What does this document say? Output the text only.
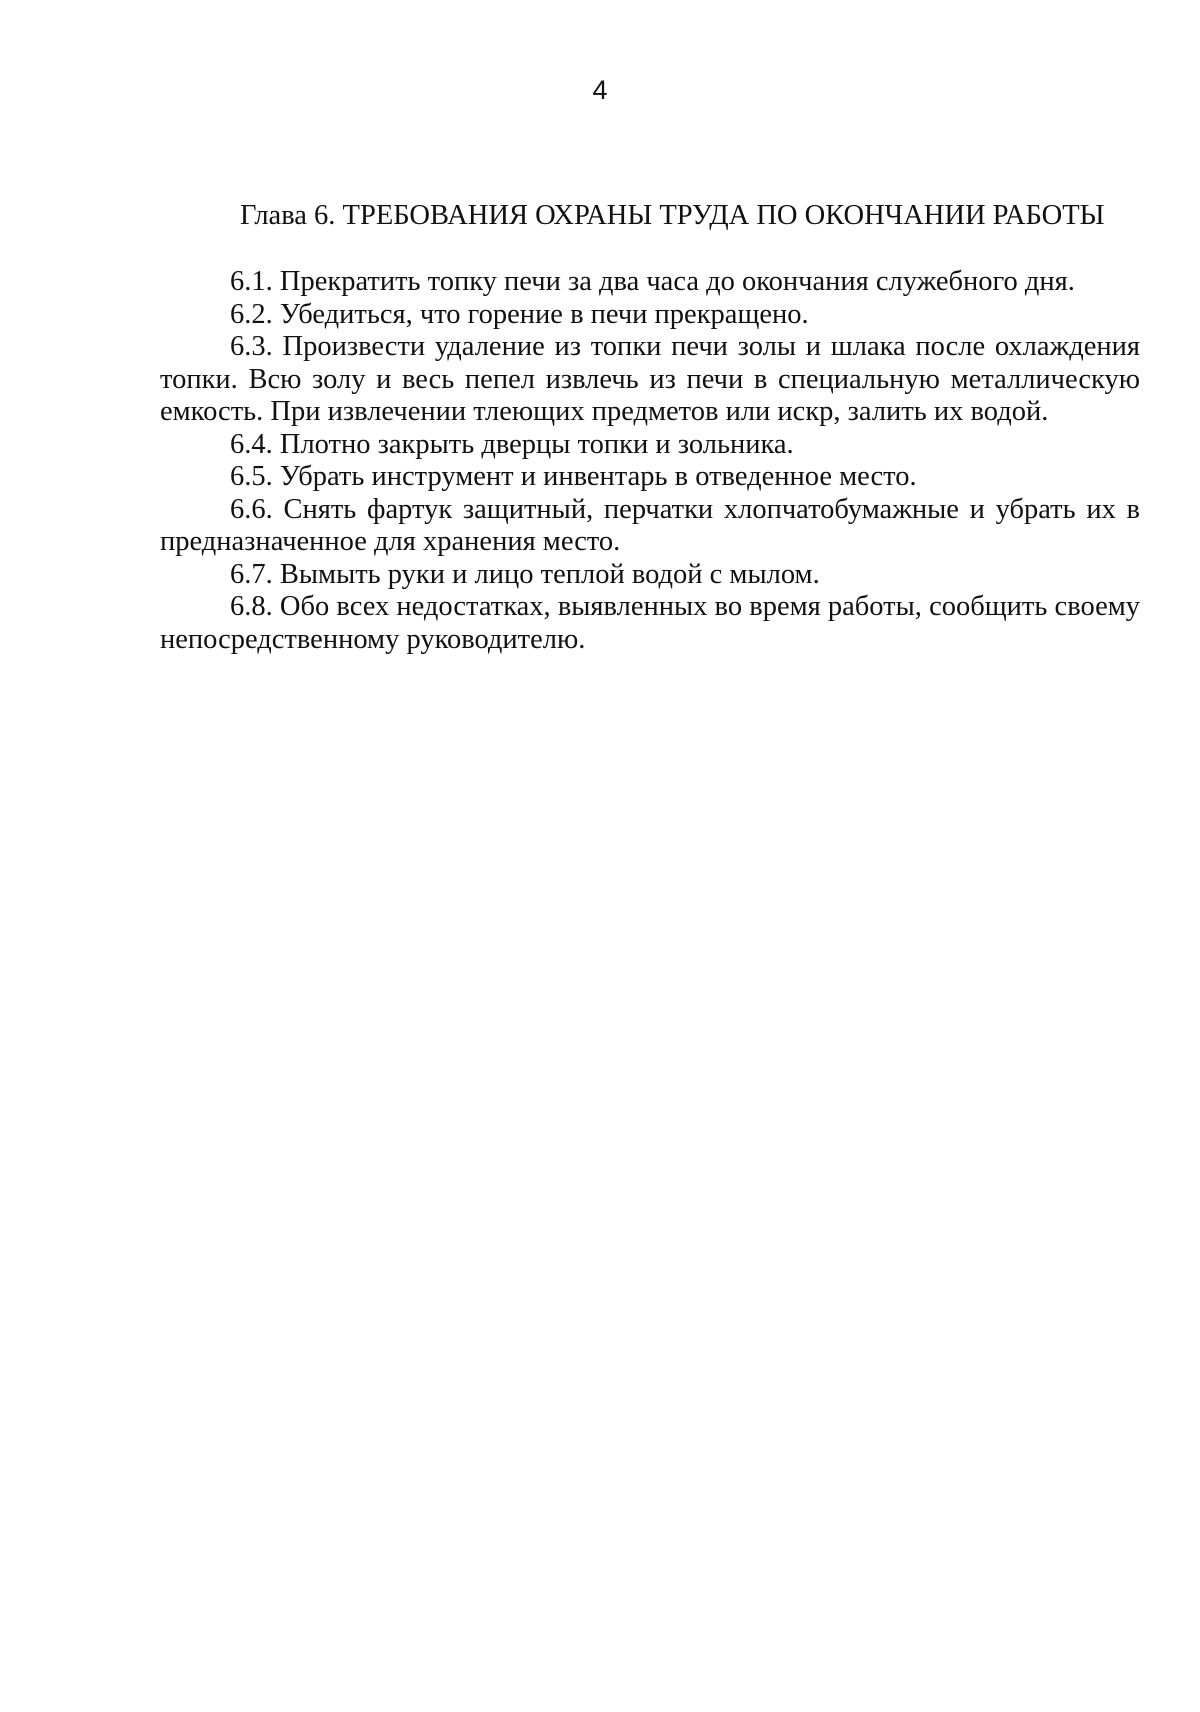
4
Глава 6. ТРЕБОВАНИЯ ОХРАНЫ ТРУДА ПО ОКОНЧАНИИ РАБОТЫ

6.1. Прекратить топку печи за два часа до окончания служебного дня.

6.2. Убедиться, что горение в печи прекращено.

6.3. Произвести удаление из топки печи золы и шлака после охлаждения топки. Всю золу и весь пепел извлечь из печи в специальную металлическую емкость. При извлечении тлеющих предметов или искр, залить их водой.

6.4. Плотно закрыть дверцы топки и зольника.

6.5. Убрать инструмент и инвентарь в отведенное место.

6.6. Снять фартук защитный, перчатки хлопчатобумажные и убрать их в предназначенное для хранения место.

6.7. Вымыть руки и лицо теплой водой с мылом.

6.8. Обо всех недостатках, выявленных во время работы, сообщить своему непосредственному руководителю.
